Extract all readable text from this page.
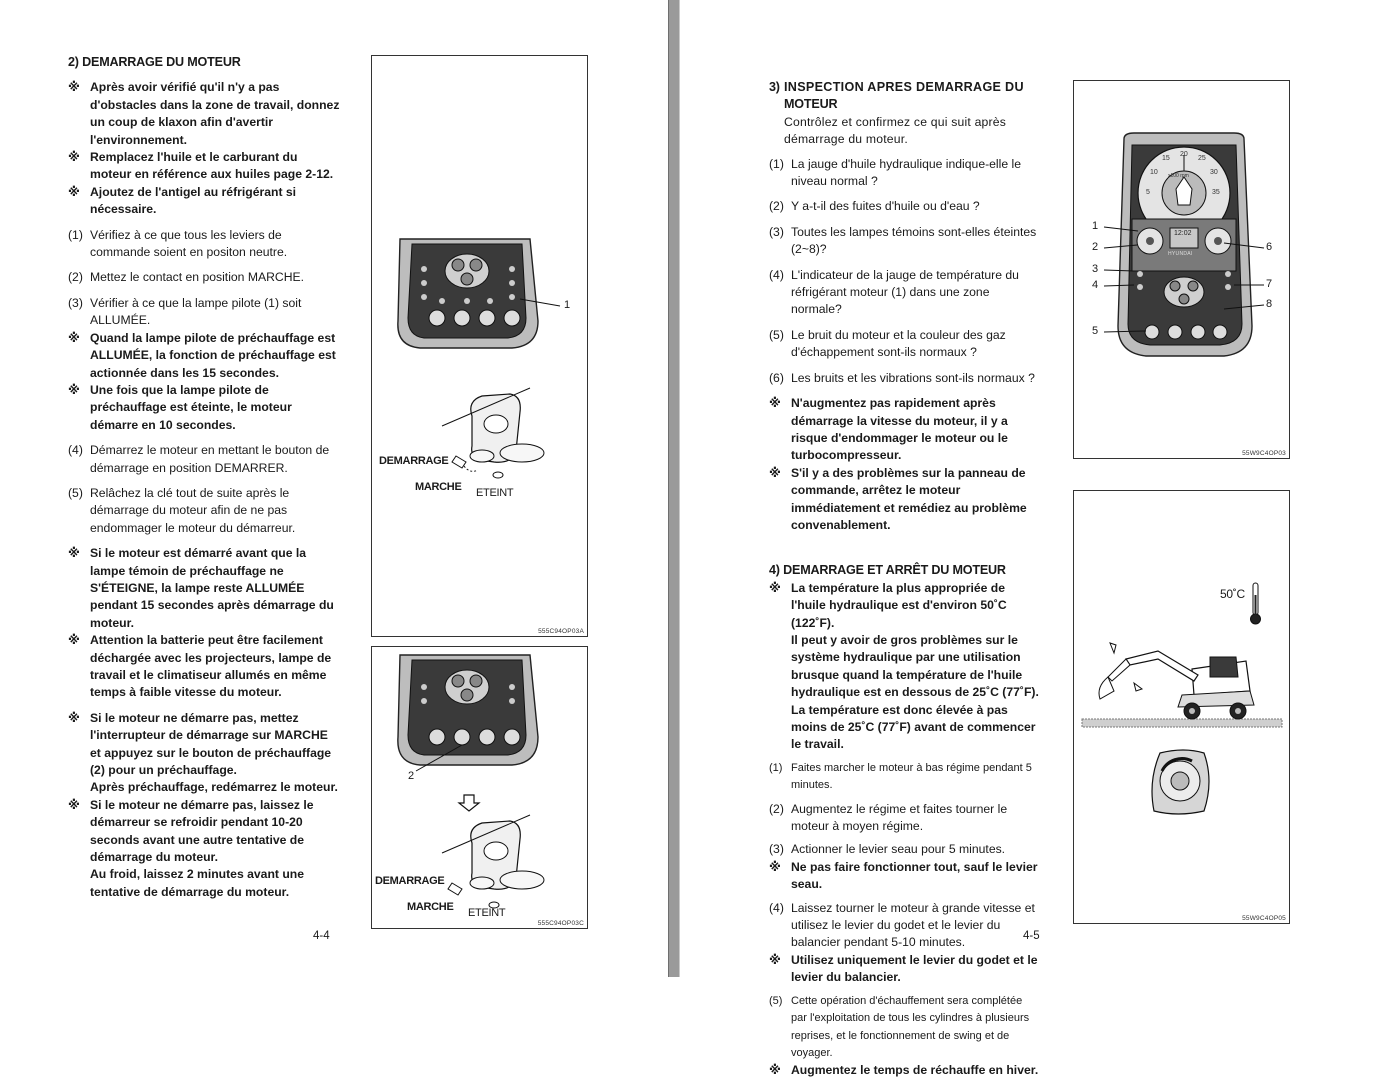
2) DEMARRAGE DU MOTEUR
※ Après avoir vérifié qu'il n'y a pas d'obstacles dans la zone de travail, donnez un coup de klaxon afin d'avertir l'environnement.
※ Remplacez l'huile et le carburant du moteur en référence aux huiles page 2-12.
※ Ajoutez de l'antigel au réfrigérant si nécessaire.
(1) Vérifiez à ce que tous les leviers de commande soient en positon neutre.
(2) Mettez le contact en position MARCHE.
(3) Vérifier à ce que la lampe pilote (1) soit ALLUMÉE.
※ Quand la lampe pilote de préchauffage est ALLUMÉE, la fonction de préchauffage est actionnée dans les 15 secondes.
※ Une fois que la lampe pilote de préchauffage est éteinte, le moteur démarre en 10 secondes.
(4) Démarrez le moteur en mettant le bouton de démarrage en position DEMARRER.
(5) Relâchez la clé tout de suite après le démarrage du moteur afin de ne pas endommager le moteur du démarreur.
※ Si le moteur est démarré avant que la lampe témoin de préchauffage ne S'ÉTEIGNE, la lampe reste ALLUMÉE pendant 15 secondes après démarrage du moteur.
※ Attention la batterie peut être facilement déchargée avec les projecteurs, lampe de travail et le climatiseur allumés en même temps à faible vitesse du moteur.
※ Si le moteur ne démarre pas, mettez l'interrupteur de démarrage sur MARCHE et appuyez sur le bouton de préchauffage (2) pour un préchauffage.
Après préchauffage, redémarrez le moteur.
※ Si le moteur ne démarre pas, laissez le démarreur se refroidir pendant 10-20 seconds avant une autre tentative de démarrage du moteur.
Au froid, laissez 2 minutes avant une tentative de démarrage du moteur.
1
DEMARRAGE
MARCHE ETEINT
555C94OP03A
2
DEMARRAGE
MARCHE ETEINT
555C94OP03C
4-4
3) INSPECTION APRES DEMARRAGE DU
MOTEUR
Contrôlez et confirmez ce qui suit après démarrage du moteur.
(1) La jauge d'huile hydraulique indique-elle le niveau normal ?
(2) Y a-t-il des fuites d'huile ou d'eau ?
(3) Toutes les lampes témoins sont-elles éteintes (2~8)?
(4) L'indicateur de la jauge de température du réfrigérant moteur (1) dans une zone normale?
(5) Le bruit du moteur et la couleur des gaz d'échappement sont-ils normaux ?
(6) Les bruits et les vibrations sont-ils normaux ?
※ N'augmentez pas rapidement après démarrage la vitesse du moteur, il y a risque d'endommager le moteur ou le turbocompresseur.
※ S'il y a des problèmes sur la panneau de commande, arrêtez le moteur immédiatement et remédiez au problème convenablement.
4) DEMARRAGE ET ARRÊT DU MOTEUR
※ La température la plus appropriée de l'huile hydraulique est d'environ 50˚C (122˚F).
Il peut y avoir de gros problèmes sur le système hydraulique par une utilisation brusque quand la température de l'huile hydraulique est en dessous de 25˚C (77˚F).
La température est donc élevée à pas moins de 25˚C (77˚F) avant de commencer le travail.
(1) Faites marcher le moteur à bas régime pendant 5 minutes.
(2) Augmentez le régime et faites tourner le moteur à moyen régime.
(3) Actionner le levier seau pour 5 minutes.
※ Ne pas faire fonctionner tout, sauf le levier seau.
(4) Laissez tourner le moteur à grande vitesse et utilisez le levier du godet et le levier du balancier pendant 5-10 minutes.
※ Utilisez uniquement le levier du godet et le levier du balancier.
(5) Cette opération d'échauffement sera complétée par l'exploitation de tous les cylindres à plusieurs reprises, et le fonctionnement de swing et de voyager.
※ Augmentez le temps de réchauffe en hiver.
1
2
3
4
5
6
7
8
HYUNDAI
12:02
x100 rpm
10
15
20
25
30
35
5
55W9C4OP03
50˚C
55W9C4OP05
4-5
